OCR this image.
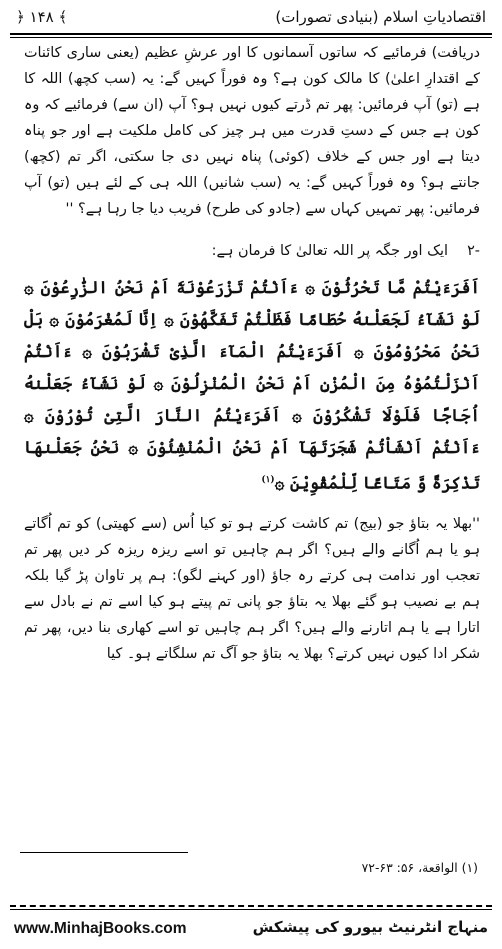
اقتصادیاتِ اسلام (بنیادی تصورات)
﴿ ۱۴۸ ﴾

دریافت) فرمائیے کہ ساتوں آسمانوں کا اور عرشِ عظیم (یعنی ساری کائنات کے اقتدارِ اعلیٰ) کا مالک کون ہے؟ وہ فوراً کہیں گے: یہ (سب کچھ) اللہ کا ہے (تو) آپ فرمائیں: پھر تم ڈرتے کیوں نہیں ہو؟ آپ (ان سے) فرمائیے کہ وہ کون ہے جس کے دستِ قدرت میں ہر چیز کی کامل ملکیت ہے اور جو پناہ دیتا ہے اور جس کے خلاف (کوئی) پناہ نہیں دی جا سکتی، اگر تم (کچھ) جانتے ہو؟ وہ فوراً کہیں گے: یہ (سب شانیں) اللہ ہی کے لئے ہیں (تو) آپ فرمائیں: پھر تمہیں کہاں سے (جادو کی طرح) فریب دیا جا رہا ہے؟ ''

-۲
ایک اور جگہ پر اللہ تعالیٰ کا فرمان ہے:

اَفَرَءَيْتُمْ مَّا تَحْرُثُوْنَ ۞ ءَاَنْتُمْ تَزْرَعُوْنَهٗٓ اَمْ نَحْنُ الزّٰرِعُوْنَ ۞ لَوْ نَشَآءُ لَجَعَلْنٰهُ حُطَامًا فَظَلْتُمْ تَفَكَّهُوْنَ ۞ اِنَّا لَمُغْرَمُوْنَ ۞ بَلْ نَحْنُ مَحْرُوْمُوْنَ ۞ اَفَرَءَيْتُمُ الْمَآءَ الَّذِیْ تَشْرَبُوْنَ ۞ ءَاَنْتُمْ اَنْزَلْتُمُوْهُ مِنَ الْمُزْنِ اَمْ نَحْنُ الْمُنْزِلُوْنَ ۞ لَوْ نَشَآءُ جَعَلْنٰهُ اُجَاجًا فَلَوْلَا تَشْكُرُوْنَ ۞ اَفَرَءَيْتُمُ النَّارَ الَّتِیْ تُوْرُوْنَ ۞ ءَاَنْتُمْ اَنْشَاْتُمْ شَجَرَتَهَآ اَمْ نَحْنُ الْمُنْشِئُوْنَ ۞ نَحْنُ جَعَلْنٰهَا تَذْكِرَةً وَّ مَتَاعًا لِّلْمُقْوِیْنَ ۞$^{(۱)}$

''بھلا یہ بتاؤ جو (بیج) تم کاشت کرتے ہو تو کیا اُس (سے کھیتی) کو تم اُگاتے ہو یا ہم اُگانے والے ہیں؟ اگر ہم چاہیں تو اسے ریزہ ریزہ کر دیں پھر تم تعجب اور ندامت ہی کرتے رہ جاؤ (اور کہنے لگو): ہم پر تاوان پڑ گیا بلکہ ہم بے نصیب ہو گئے بھلا یہ بتاؤ جو پانی تم پیتے ہو کیا اسے تم نے بادل سے اتارا ہے یا ہم اتارنے والے ہیں؟ اگر ہم چاہیں تو اسے کھاری بنا دیں، پھر تم شکر ادا کیوں نہیں کرتے؟ بھلا یہ بتاؤ جو آگ تم سلگاتے ہو۔ کیا

(۱) الواقعة، ۵۶: ۶۳-۷۲
www.MinhajBooks.com	منہاج انٹرنیٹ بیورو کی پیشکش
